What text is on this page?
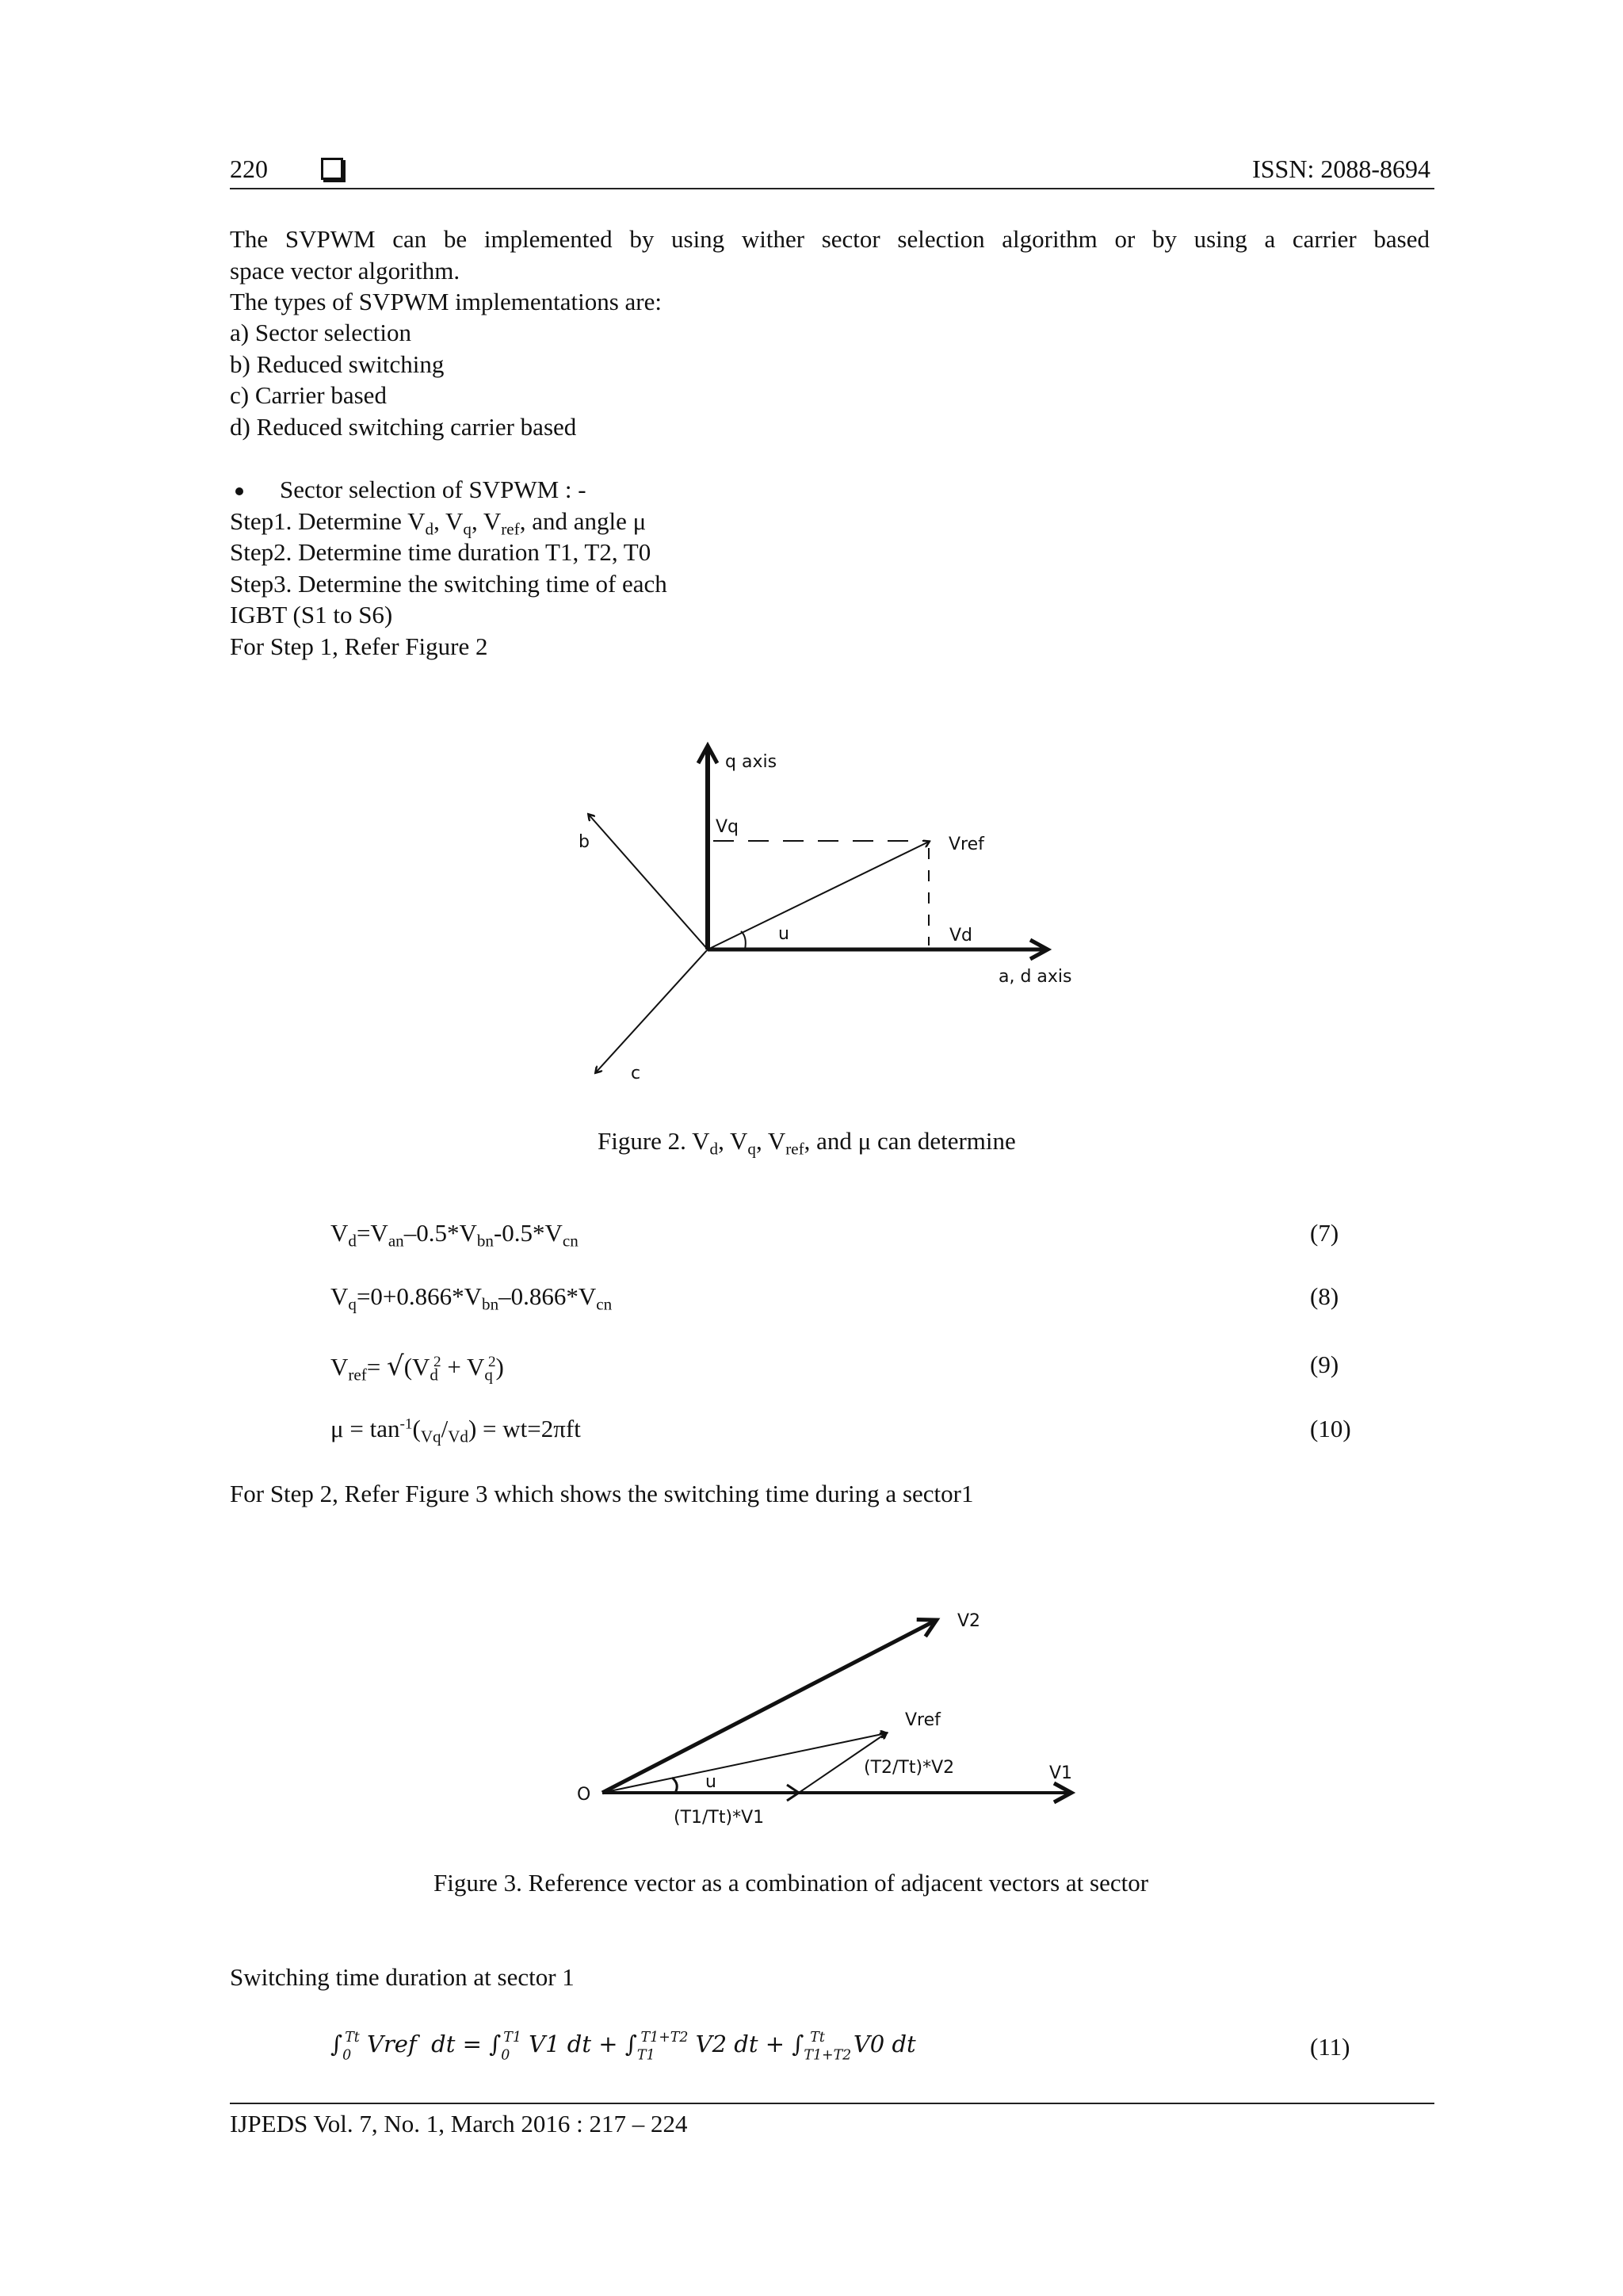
220	ISSN: 2088-8694
The SVPWM can be implemented by using wither sector selection algorithm or by using a carrier based
space vector algorithm.
The types of SVPWM implementations are:
a) Sector selection
b) Reduced switching
c) Carrier based
d) Reduced switching carrier based
Sector selection of SVPWM : -
Step1. Determine $V_d$, $V_q$, $V_{ref}$, and angle μ
Step2. Determine time duration T1, T2, T0
Step3. Determine the switching time of each
IGBT (S1 to S6)
For Step 1, Refer Figure 2
q axis
Vq
Vref
b
u	Vd
a, d axis
c
Figure 2. $V_d$, $V_q$, $V_{ref}$, and μ can determine
$V_d=V_{an}-0.5*V_{bn}-0.5*V_{cn}$	(7)
$V_q=0+0.866*V_{bn}-0.866*V_{cn}$	(8)
$V_{ref}= √(V_d^2 + V_q^2)$	(9)
$\mu = \tan^{-1}(_{Vq}/_{Vd}) = wt=2\pi ft$	(10)
For Step 2, Refer Figure 3 which shows the switching time during a sector1
V2
Vref
(T2/Tt)*V2	V1
O
u
(T1/Tt)*V1
Figure 3. Reference vector as a combination of adjacent vectors at sector
Switching time duration at sector 1
$\int_0^{Tt}$ Vref  dt = $\int_0^{T1}$ V1 dt + $\int_{T1}^{T1+T2}$ V2 dt + $\int_{T1+T2}^{Tt}$ V0 dt	(11)
IJPEDS Vol. 7, No. 1, March 2016 : 217 – 224
